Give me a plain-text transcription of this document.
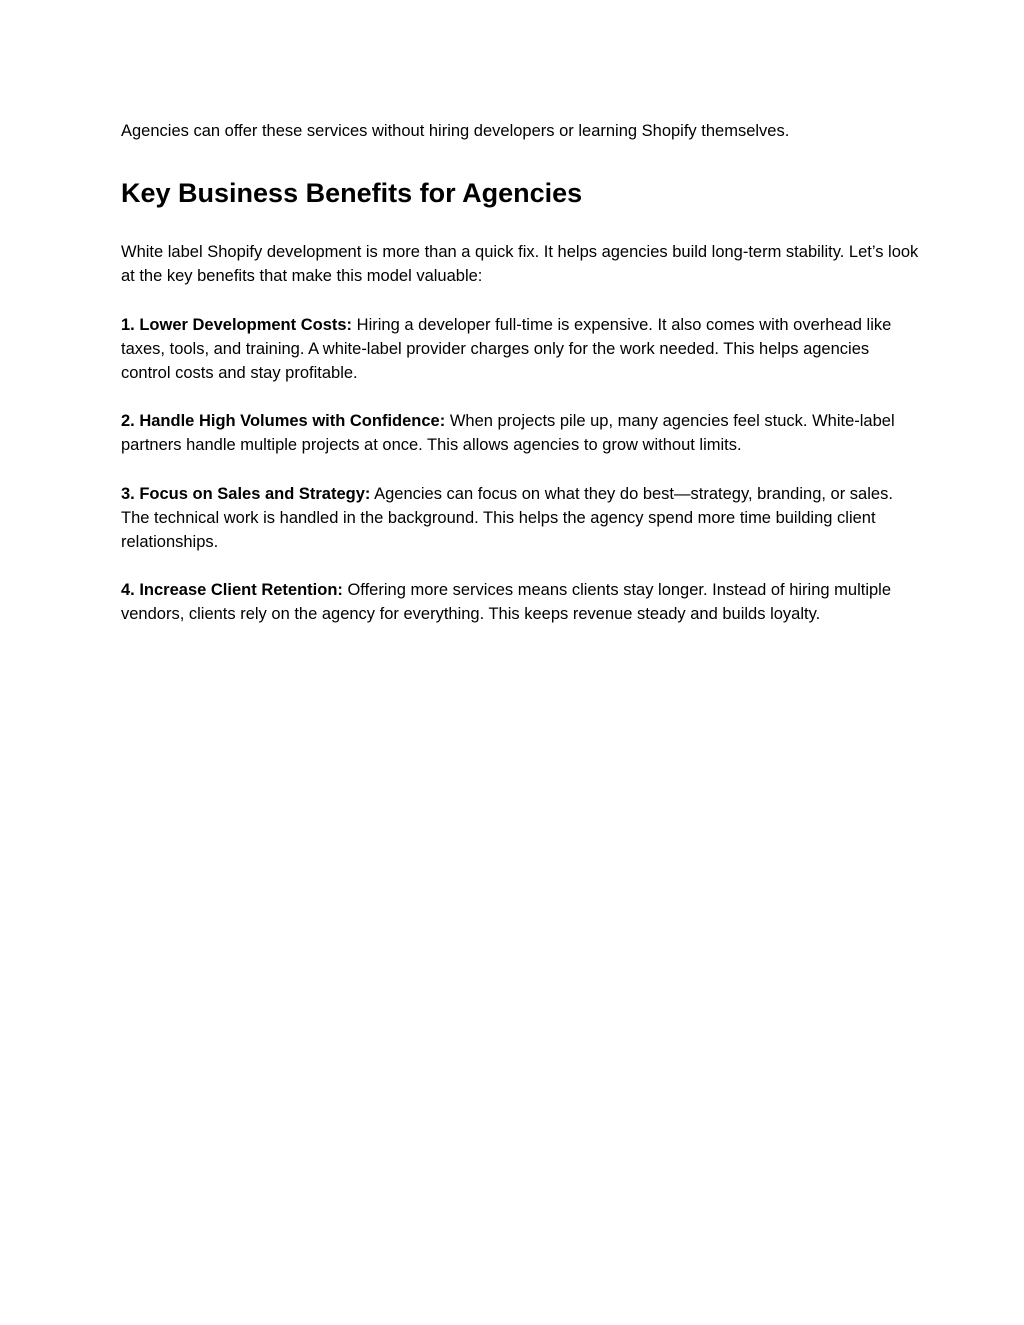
Agencies can offer these services without hiring developers or learning Shopify themselves.

Key Business Benefits for Agencies

White label Shopify development is more than a quick fix. It helps agencies build long-term stability. Let’s look at the key benefits that make this model valuable:

1. Lower Development Costs: Hiring a developer full-time is expensive. It also comes with overhead like taxes, tools, and training. A white-label provider charges only for the work needed. This helps agencies control costs and stay profitable.

2. Handle High Volumes with Confidence: When projects pile up, many agencies feel stuck. White-label partners handle multiple projects at once. This allows agencies to grow without limits.

3. Focus on Sales and Strategy: Agencies can focus on what they do best—strategy, branding, or sales. The technical work is handled in the background. This helps the agency spend more time building client relationships.

4. Increase Client Retention: Offering more services means clients stay longer. Instead of hiring multiple vendors, clients rely on the agency for everything. This keeps revenue steady and builds loyalty.
